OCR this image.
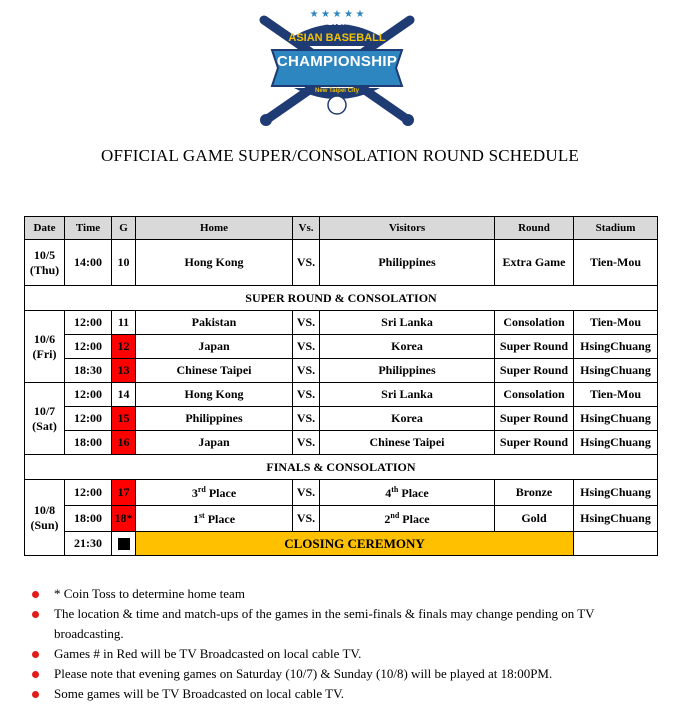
★ ★ ★ ★ ★
2017
ASIAN BASEBALL
CHAMPIONSHIP
New Taipei City
OFFICIAL GAME SUPER/CONSOLATION ROUND SCHEDULE
Date	Time	G	Home	Vs.	Visitors	Round	Stadium
10/5
(Thu)	14:00	10	Hong Kong	VS.	Philippines	Extra Game	Tien-Mou
SUPER ROUND & CONSOLATION							
10/6
(Fri)	12:00	11	Pakistan	VS.	Sri Lanka	Consolation	Tien-Mou
	12:00	12	Japan	VS.	Korea	Super Round	HsingChuang
	18:30	13	Chinese Taipei	VS.	Philippines	Super Round	HsingChuang
10/7
(Sat)	12:00	14	Hong Kong	VS.	Sri Lanka	Consolation	Tien-Mou
	12:00	15	Philippines	VS.	Korea	Super Round	HsingChuang
	18:00	16	Japan	VS.	Chinese Taipei	Super Round	HsingChuang
FINALS & CONSOLATION							
10/8
(Sun)	12:00	17	3rd Place	VS.	4th Place	Bronze	HsingChuang
	18:00	18*	1st Place	VS.	2nd Place	Gold	HsingChuang
	21:30		CLOSING CEREMONY				
* Coin Toss to determine home team
The location & time and match-ups of the games in the semi-finals & finals may change pending on TV broadcasting.
Games # in Red will be TV Broadcasted on local cable TV.
Please note that evening games on Saturday (10/7) & Sunday (10/8) will be played at 18:00PM.
Some games will be TV Broadcasted on local cable TV.
